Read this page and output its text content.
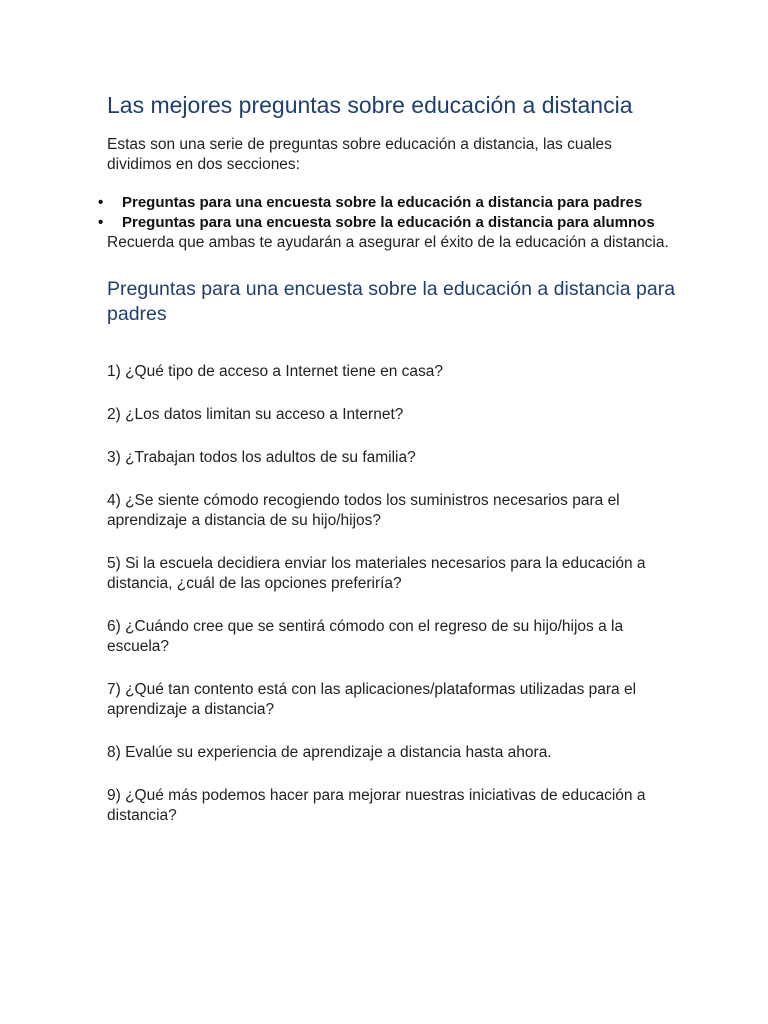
Las mejores preguntas sobre educación a distancia

Estas son una serie de preguntas sobre educación a distancia, las cuales dividimos en dos secciones:

• Preguntas para una encuesta sobre la educación a distancia para padres
• Preguntas para una encuesta sobre la educación a distancia para alumnos

Recuerda que ambas te ayudarán a asegurar el éxito de la educación a distancia.

Preguntas para una encuesta sobre la educación a distancia para padres
1) ¿Qué tipo de acceso a Internet tiene en casa?
2) ¿Los datos limitan su acceso a Internet?
3) ¿Trabajan todos los adultos de su familia?
4) ¿Se siente cómodo recogiendo todos los suministros necesarios para el aprendizaje a distancia de su hijo/hijos?
5) Si la escuela decidiera enviar los materiales necesarios para la educación a distancia, ¿cuál de las opciones preferiría?
6) ¿Cuándo cree que se sentirá cómodo con el regreso de su hijo/hijos a la escuela?
7) ¿Qué tan contento está con las aplicaciones/plataformas utilizadas para el aprendizaje a distancia?
8) Evalúe su experiencia de aprendizaje a distancia hasta ahora.
9) ¿Qué más podemos hacer para mejorar nuestras iniciativas de educación a distancia?
